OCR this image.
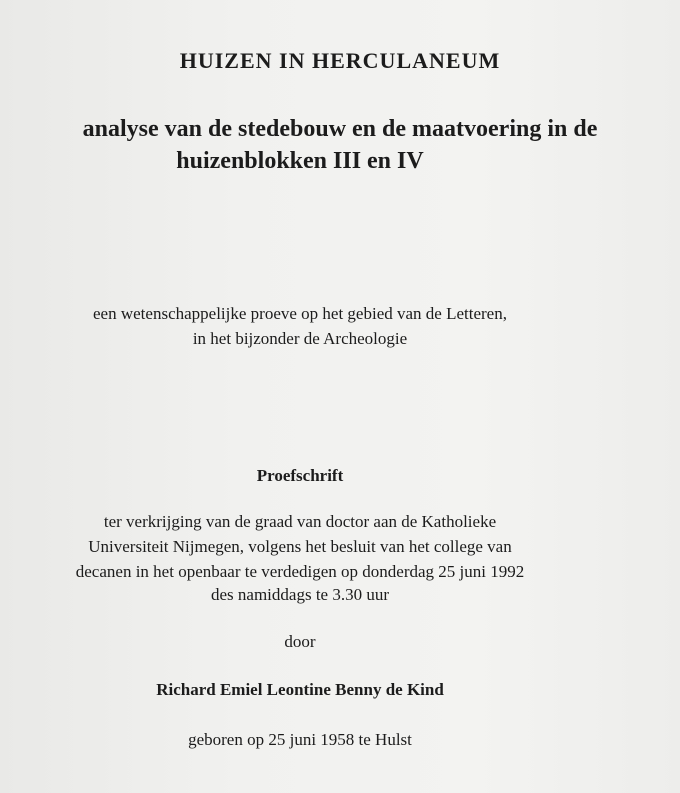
HUIZEN IN HERCULANEUM
analyse van de stedebouw en de maatvoering in de
huizenblokken III en IV
een wetenschappelijke proeve op het gebied van de Letteren,
in het bijzonder de Archeologie
Proefschrift
ter verkrijging van de graad van doctor aan de Katholieke
Universiteit Nijmegen, volgens het besluit van het college van
decanen in het openbaar te verdedigen op donderdag 25 juni 1992
des namiddags te 3.30 uur
door
Richard Emiel Leontine Benny de Kind
geboren op 25 juni 1958 te Hulst
